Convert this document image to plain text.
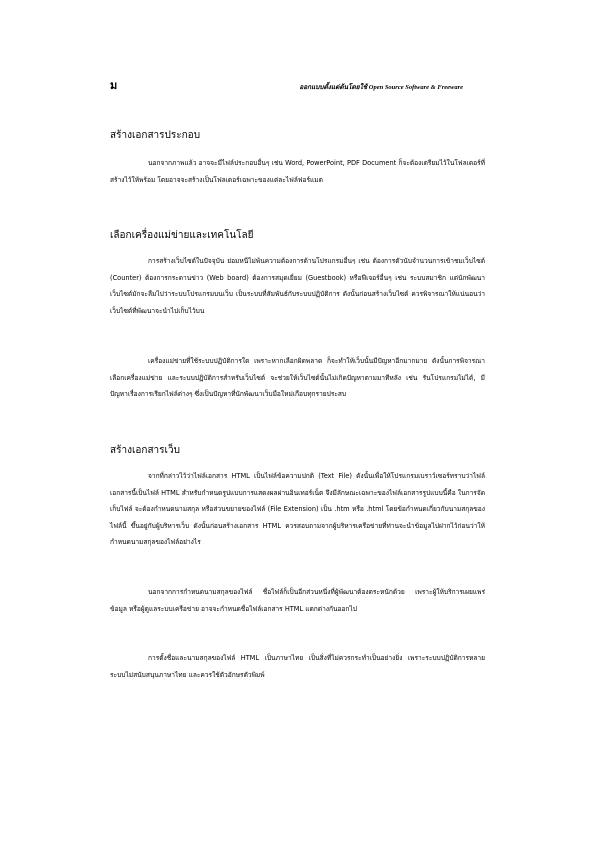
ม	ออกแบบตั้งแต่ต้นโดยใช้ Open Source Software & Freeware
สร้างเอกสารประกอบ

นอกจากภาพแล้ว อาจจะมีไฟล์ประกอบอื่นๆ เช่น Word, PowerPoint, PDF Document ก็จะต้องเตรียมไว้ในโฟลเดอร์ที่สร้างไว้ให้พร้อม โดยอาจจะสร้างเป็นโฟลเดอร์เฉพาะของแต่ละไฟล์ฟอร์แมต

เลือกเครื่องแม่ข่ายและเทคโนโลยี

การสร้างเว็บไซต์ในปัจจุบัน ย่อมหนีไม่พ้นความต้องการด้านโปรแกรมอื่นๆ เช่น ต้องการตัวนับจำนวนการเข้าชมเว็บไซต์ (Counter) ต้องการกระดานข่าว (Web board) ต้องการสมุดเยี่ยม (Guestbook) หรือฟีเจอร์อื่นๆ เช่น ระบบสมาชิก แต่นักพัฒนาเว็บไซต์มักจะลืมไปว่าระบบโปรแกรมบนเว็บ เป็นระบบที่สัมพันธ์กับระบบปฏิบัติการ ดังนั้นก่อนสร้างเว็บไซต์ ควรพิจารณาให้แน่นอนว่าเว็บไซต์ที่พัฒนาจะนำไปเก็บไว้บน

เครื่องแม่ข่ายที่ใช้ระบบปฏิบัติการใด เพราะหากเลือกผิดพลาด ก็จะทำให้เว็บนั้นมีปัญหาอีกมากมาย ดังนั้นการพิจารณาเลือกเครื่องแม่ข่าย และระบบปฏิบัติการสำหรับเว็บไซต์ จะช่วยให้เว็บไซต์นั้นไม่เกิดปัญหาตามมาทีหลัง เช่น รันโปรแกรมไม่ได้, มีปัญหาเรื่องการเรียกไฟล์ต่างๆ ซึ่งเป็นปัญหาที่นักพัฒนาเว็บมือใหม่เกือบทุกรายประสบ

สร้างเอกสารเว็บ

จากที่กล่าวไว้ว่าไฟล์เอกสาร HTML เป็นไฟล์ข้อความปกติ (Text File) ดังนั้นเพื่อให้โปรแกรมเบราว์เซอร์ทราบว่าไฟล์เอกสารนี้เป็นไฟล์ HTML สำหรับกำหนดรูปแบบการแสดงผลผ่านอินเทอร์เน็ต จึงมีลักษณะเฉพาะของไฟล์เอกสารรูปแบบนี้คือ ในการจัดเก็บไฟล์ จะต้องกำหนดนามสกุล หรือส่วนขยายของไฟล์ (File Extension) เป็น .htm หรือ .html โดยข้อกำหนดเกี่ยวกับนามสกุลของไฟล์นี้ ขึ้นอยู่กับผู้บริหารเว็บ ดังนั้นก่อนสร้างเอกสาร HTML ควรสอบถามจากผู้บริหารเครือข่ายที่ท่านจะนำข้อมูลไปฝากไว้ก่อนว่าให้กำหนดนามสกุลของไฟล์อย่างไร

นอกจากการกำหนดนามสกุลของไฟล์ ชื่อไฟล์ก็เป็นอีกส่วนหนึ่งที่ผู้พัฒนาต้องตระหนักด้วย เพราะผู้ให้บริการเผยแพร่ข้อมูล หรือผู้ดูแลระบบเครือข่าย อาจจะกำหนดชื่อไฟล์เอกสาร HTML แตกต่างกันออกไป

การตั้งชื่อและนามสกุลของไฟล์ HTML เป็นภาษาไทย เป็นสิ่งที่ไม่ควรกระทำเป็นอย่างยิ่ง เพราะระบบปฏิบัติการหลายระบบไม่สนับสนุนภาษาไทย และควรใช้ตัวอักษรตัวพิมพ์
